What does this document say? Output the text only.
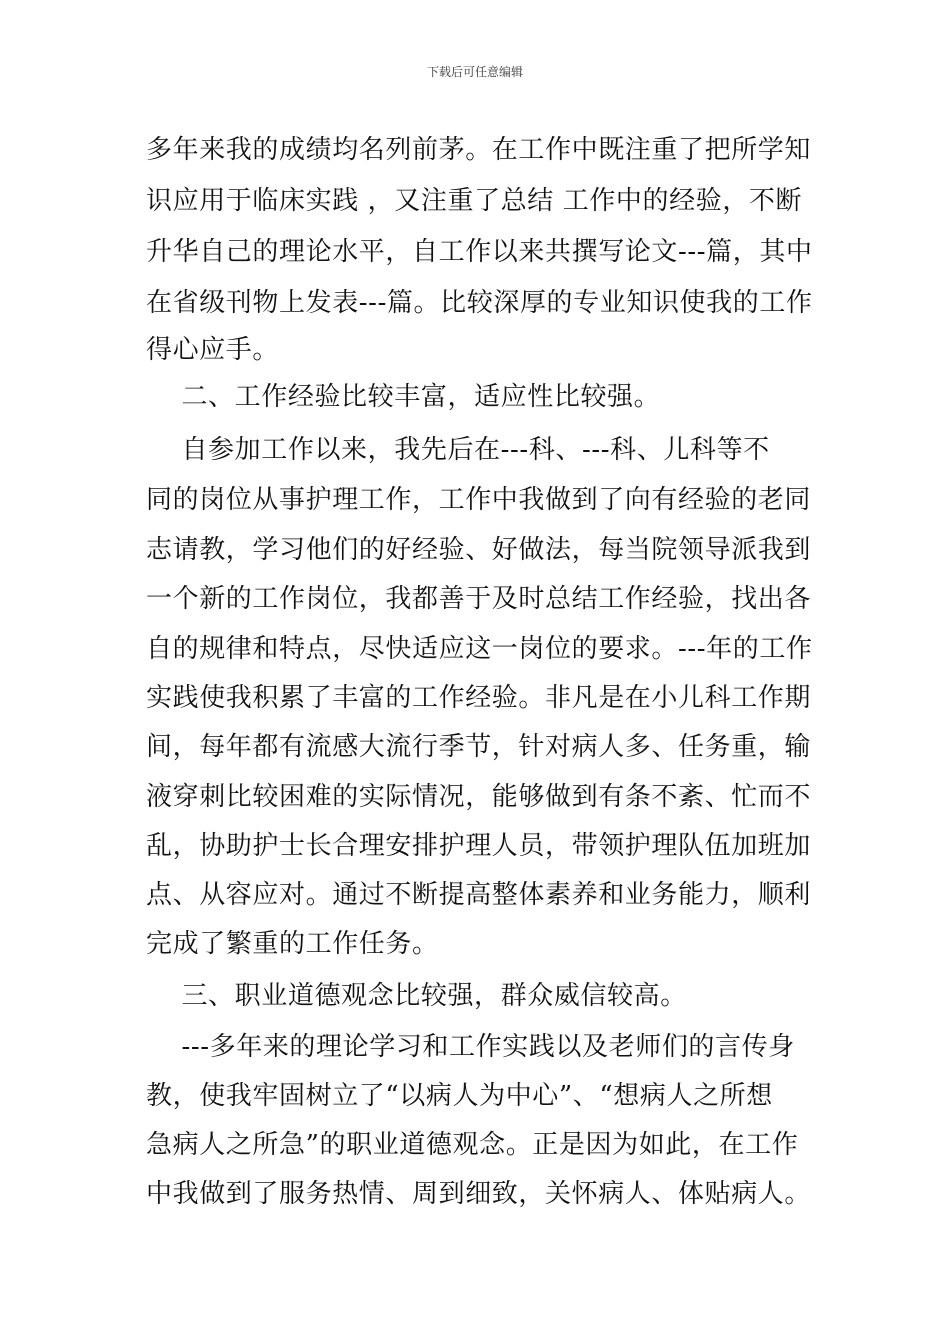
下载后可任意编辑
多年来我的成绩均名列前茅。在工作中既注重了把所学知
识应用于临床实践 ，又注重了总结 工作中的经验，不断
升华自己的理论水平，自工作以来共撰写论文---篇，其中
在省级刊物上发表---篇。比较深厚的专业知识使我的工作
得心应手。
二、工作经验比较丰富，适应性比较强。
自参加工作以来，我先后在---科、---科、儿科等不
同的岗位从事护理工作，工作中我做到了向有经验的老同
志请教，学习他们的好经验、好做法，每当院领导派我到
一个新的工作岗位，我都善于及时总结工作经验，找出各
自的规律和特点，尽快适应这一岗位的要求。---年的工作
实践使我积累了丰富的工作经验。非凡是在小儿科工作期
间，每年都有流感大流行季节，针对病人多、任务重，输
液穿刺比较困难的实际情况，能够做到有条不紊、忙而不
乱，协助护士长合理安排护理人员，带领护理队伍加班加
点、从容应对。通过不断提高整体素养和业务能力，顺利
完成了繁重的工作任务。
三、职业道德观念比较强，群众威信较高。
---多年来的理论学习和工作实践以及老师们的言传身
教，使我牢固树立了“以病人为中心”、“想病人之所想
急病人之所急”的职业道德观念。正是因为如此，在工作
中我做到了服务热情、周到细致，关怀病人、体贴病人。
